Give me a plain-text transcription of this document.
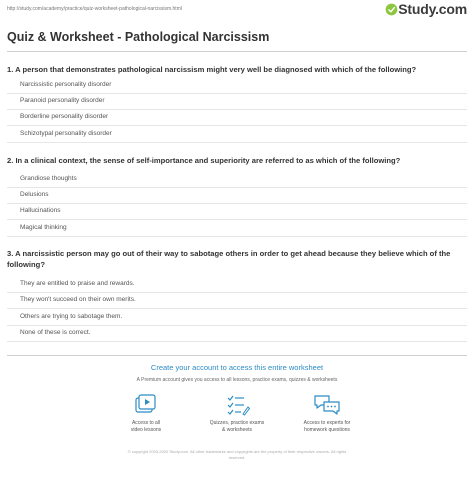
http://study.com/academy/practice/quiz-worksheet-pathological-narcissism.html	Study.com
Quiz & Worksheet - Pathological Narcissism
1. A person that demonstrates pathological narcissism might very well be diagnosed with which of the following?
Narcissistic personality disorder
Paranoid personality disorder
Borderline personality disorder
Schizotypal personality disorder
2. In a clinical context, the sense of self-importance and superiority are referred to as which of the following?
Grandiose thoughts
Delusions
Hallucinations
Magical thinking
3. A narcissistic person may go out of their way to sabotage others in order to get ahead because they believe which of the following?
They are entitled to praise and rewards.
They won't succeed on their own merits.
Others are trying to sabotage them.
None of these is correct.
Create your account to access this entire worksheet
A Premium account gives you access to all lessons, practice exams, quizzes & worksheets
Access to all
video lessons
Quizzes, practice exams
& worksheets
Access to experts for
homework questions
© copyright 2003-2020 Study.com. All other trademarks and copyrights are the property of their respective owners. All rights
reserved.
